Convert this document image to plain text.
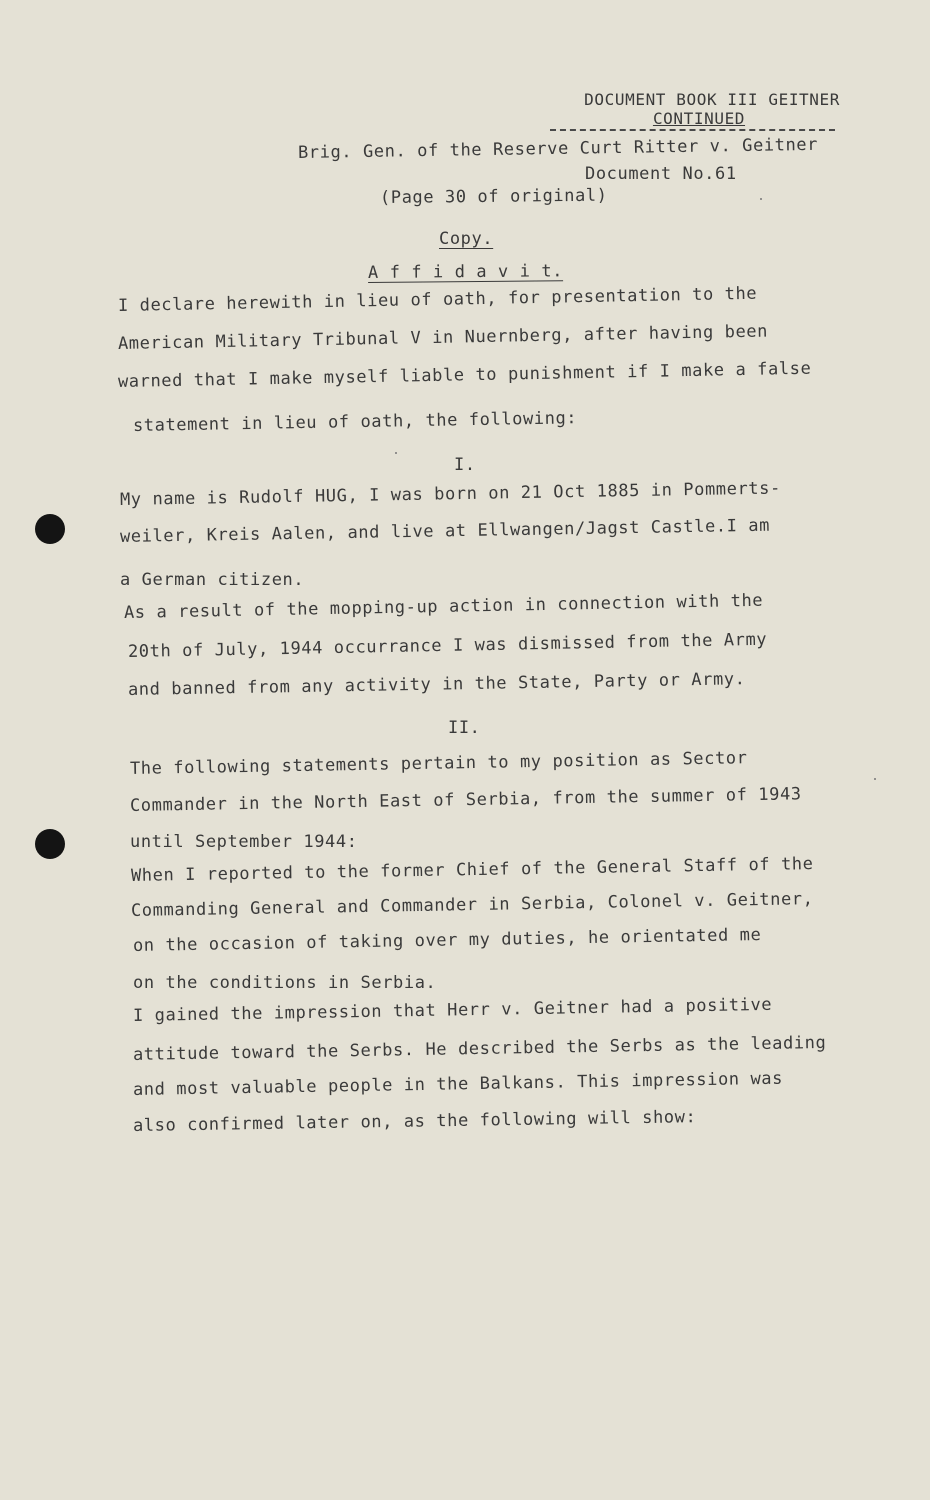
DOCUMENT BOOK III GEITNER
CONTINUED
Brig. Gen. of the Reserve Curt Ritter v. Geitner
Document No.61
(Page 30 of original)
Copy.
A f f i d a v i t.
I declare herewith in lieu of oath, for presentation to the
American Military Tribunal V in Nuernberg, after having been
warned that I make myself liable to punishment if I make a false
statement in lieu of oath, the following:
I.
My name is Rudolf HUG, I was born on 21 Oct 1885 in Pommerts-
weiler, Kreis Aalen, and live at Ellwangen/Jagst Castle.I am
a German citizen.
As a result of the mopping-up action in connection with the
20th of July, 1944 occurrance I was dismissed from the Army
and banned from any activity in the State, Party or Army.
II.
The following statements pertain to my position as Sector
Commander in the North East of Serbia, from the summer of 1943
until September 1944:
When I reported to the former Chief of the General Staff of the
Commanding General and Commander in Serbia, Colonel v. Geitner,
on the occasion of taking over my duties, he orientated me
on the conditions in Serbia.
I gained the impression that Herr v. Geitner had a positive
attitude toward the Serbs. He described the Serbs as the leading
and most valuable people in the Balkans. This impression was
also confirmed later on, as the following will show:
